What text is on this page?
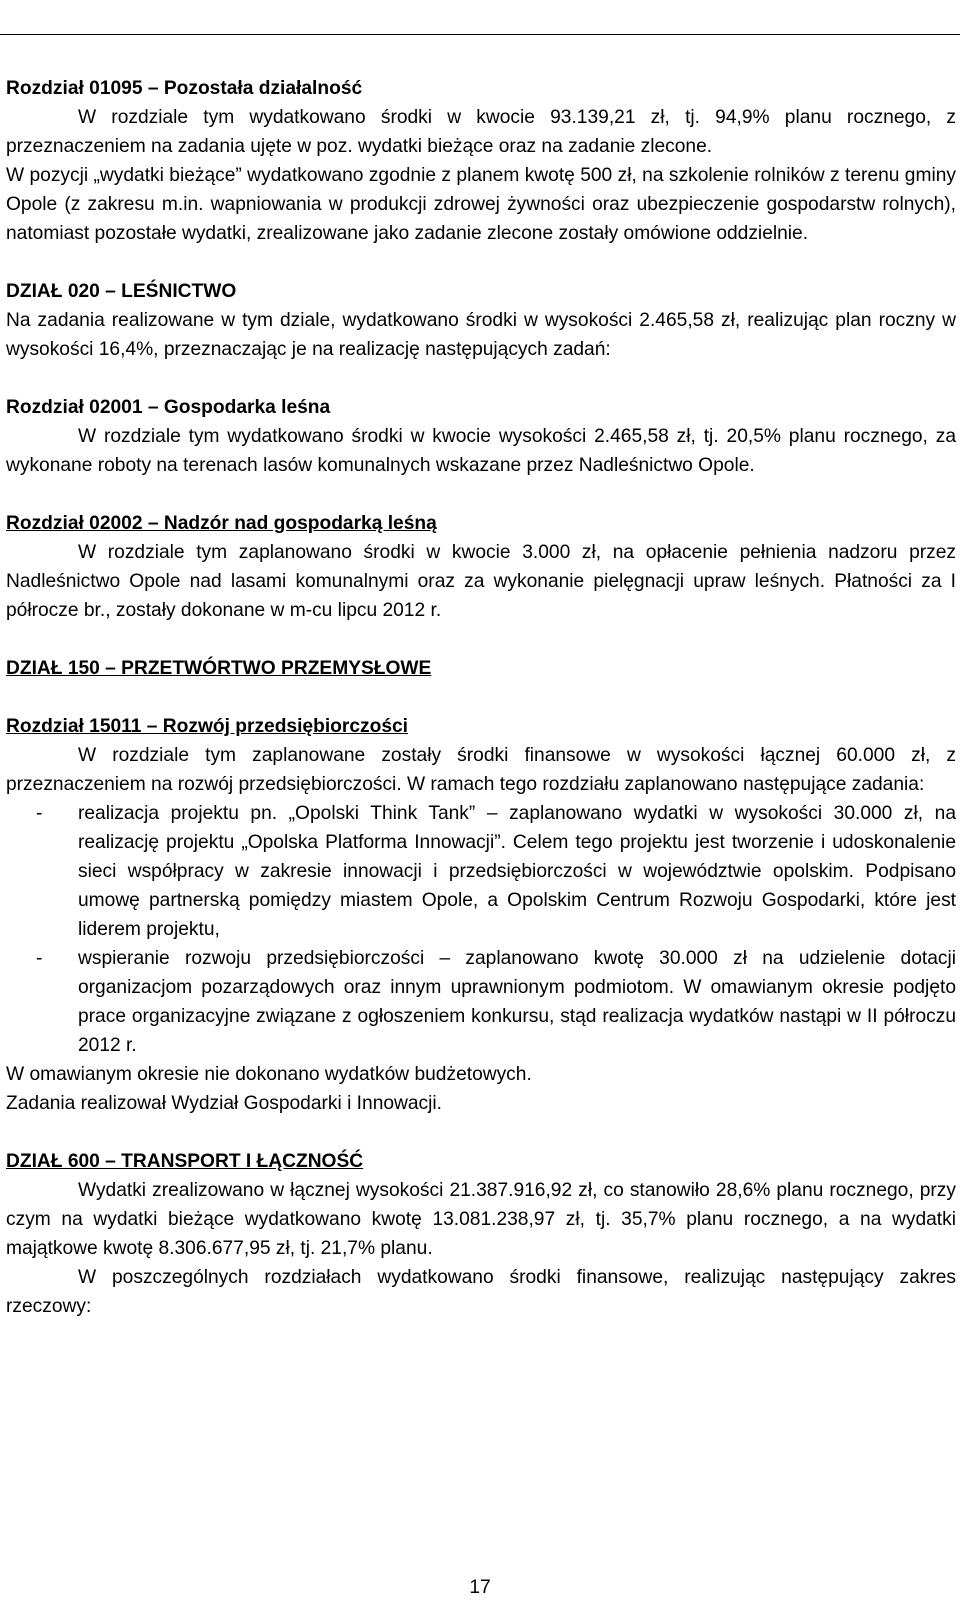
Informacja o przebiegu wykonania budżetu miasta Opola za I półrocze 2012 r.

Rozdział 01095 – Pozostała działalność

W rozdziale tym wydatkowano środki w kwocie 93.139,21 zł, tj. 94,9% planu rocznego, z przeznaczeniem na zadania ujęte w poz. wydatki bieżące oraz na zadanie zlecone.

W pozycji „wydatki bieżące” wydatkowano zgodnie z planem kwotę 500 zł, na szkolenie rolników z terenu gminy Opole (z zakresu m.in. wapniowania w produkcji zdrowej żywności oraz ubezpieczenie gospodarstw rolnych), natomiast pozostałe wydatki, zrealizowane jako zadanie zlecone zostały omówione oddzielnie.

DZIAŁ 020 – LEŚNICTWO

Na zadania realizowane w tym dziale, wydatkowano środki w wysokości 2.465,58 zł, realizując plan roczny w wysokości 16,4%, przeznaczając je na realizację następujących zadań:

Rozdział 02001 – Gospodarka leśna

W rozdziale tym wydatkowano środki w kwocie wysokości 2.465,58 zł, tj. 20,5% planu rocznego, za wykonane roboty na terenach lasów komunalnych wskazane przez Nadleśnictwo Opole.

Rozdział 02002 – Nadzór nad gospodarką leśną

W rozdziale tym zaplanowano środki w kwocie 3.000 zł, na opłacenie pełnienia nadzoru przez Nadleśnictwo Opole nad lasami komunalnymi oraz za wykonanie pielęgnacji upraw leśnych. Płatności za I półrocze br., zostały dokonane w m-cu lipcu 2012 r.

DZIAŁ 150 – PRZETWÓRTWO PRZEMYSŁOWE

Rozdział 15011 – Rozwój przedsiębiorczości

W rozdziale tym zaplanowane zostały środki finansowe w wysokości łącznej 60.000 zł, z przeznaczeniem na rozwój przedsiębiorczości. W ramach tego rozdziału zaplanowano następujące zadania:

- realizacja projektu pn. „Opolski Think Tank” – zaplanowano wydatki w wysokości 30.000 zł, na realizację projektu „Opolska Platforma Innowacji”. Celem tego projektu jest tworzenie i udoskonalenie sieci współpracy w zakresie innowacji i przedsiębiorczości w województwie opolskim. Podpisano umowę partnerską pomiędzy miastem Opole, a Opolskim Centrum Rozwoju Gospodarki, które jest liderem projektu,
- wspieranie rozwoju przedsiębiorczości – zaplanowano kwotę 30.000 zł na udzielenie dotacji organizacjom pozarządowych oraz innym uprawnionym podmiotom. W omawianym okresie podjęto prace organizacyjne związane z ogłoszeniem konkursu, stąd realizacja wydatków nastąpi w II półroczu 2012 r.

W omawianym okresie nie dokonano wydatków budżetowych.

Zadania realizował Wydział Gospodarki i Innowacji.

DZIAŁ 600 – TRANSPORT I ŁĄCZNOŚĆ

Wydatki zrealizowano w łącznej wysokości 21.387.916,92 zł, co stanowiło 28,6% planu rocznego, przy czym na wydatki bieżące wydatkowano kwotę 13.081.238,97 zł, tj. 35,7% planu rocznego, a na wydatki majątkowe kwotę 8.306.677,95 zł, tj. 21,7% planu.

W poszczególnych rozdziałach wydatkowano środki finansowe, realizując następujący zakres rzeczowy:

17
